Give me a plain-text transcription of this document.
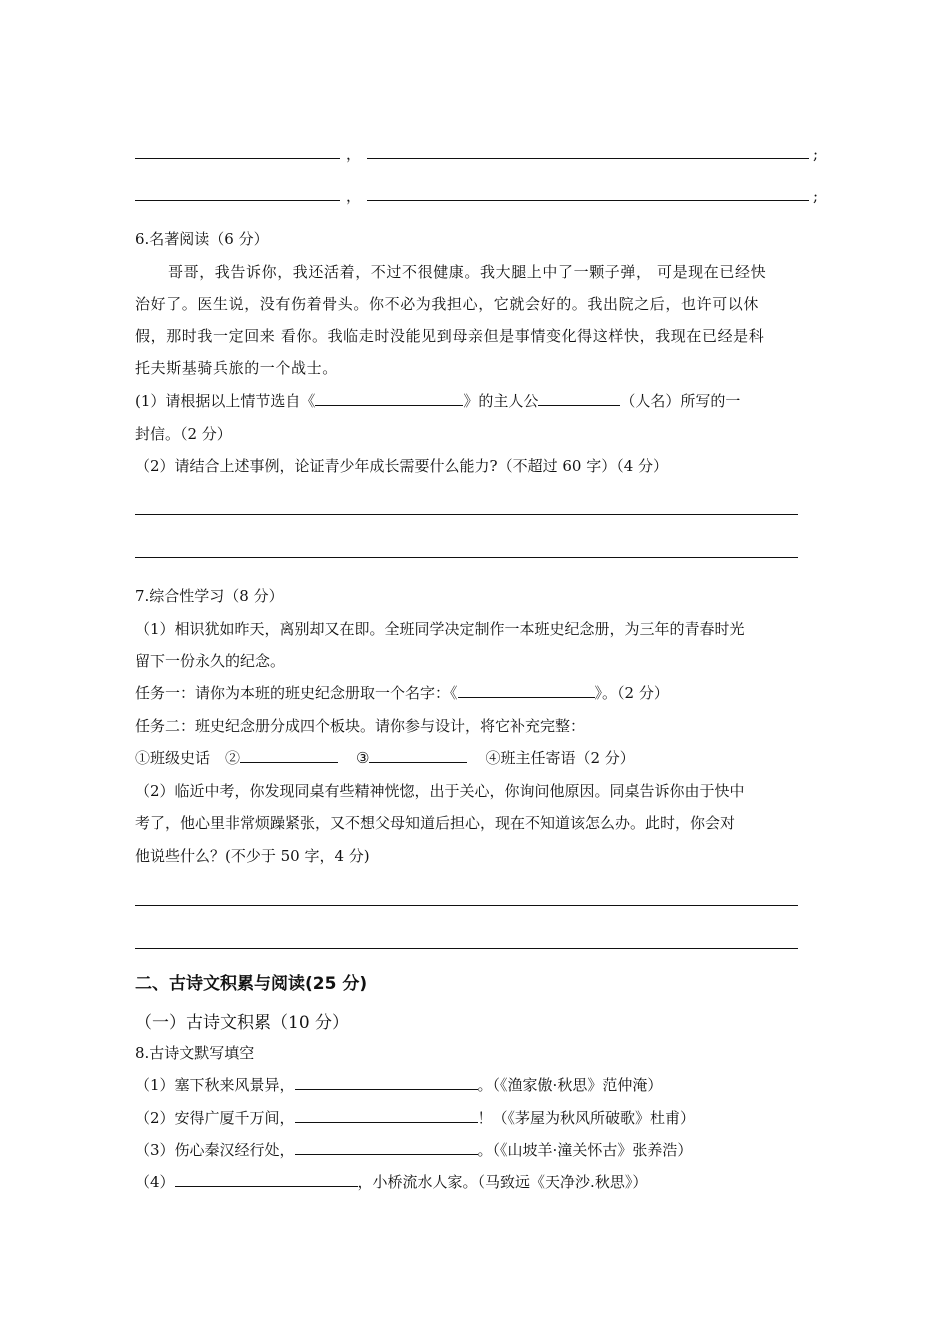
，	;
，	;
6.名著阅读（6 分）
哥哥，我告诉你，我还活着，不过不很健康。我大腿上中了一颗子弹， 可是现在已经快
治好了。医生说，没有伤着骨头。你不必为我担心，它就会好的。我出院之后，也许可以休
假，那时我一定回来 看你。我临走时没能见到母亲但是事情变化得这样快，我现在已经是科
托夫斯基骑兵旅的一个战士。
(1）请根据以上情节选自《	》的主人公	（人名）所写的一
封信。（2 分）
（2）请结合上述事例，论证青少年成长需要什么能力?（不超过 60 字）（4 分）
7.综合性学习（8 分）
（1）相识犹如昨天，离别却又在即。全班同学决定制作一本班史纪念册，为三年的青春时光
留下一份永久的纪念。
任务一：请你为本班的班史纪念册取一个名字：《	》。（2 分）
任务二：班史纪念册分成四个板块。请你参与设计，将它补充完整：
①班级史话　②	③	④班主任寄语（2 分）
（2）临近中考，你发现同桌有些精神恍惚，出于关心，你询问他原因。同桌告诉你由于快中
考了，他心里非常烦躁紧张，又不想父母知道后担心，现在不知道该怎么办。此时，你会对
他说些什么？(不少于 50 字，4 分)
二、古诗文积累与阅读(25 分)
（一）古诗文积累（10 分）
8.古诗文默写填空
（1）塞下秋来风景异，	。（《渔家傲·秋思》范仲淹）
（2）安得广厦千万间，	！（《茅屋为秋风所破歌》杜甫）
（3）伤心秦汉经行处，	。（《山坡羊·潼关怀古》张养浩）
（4）	，小桥流水人家。（马致远《天净沙.秋思》）
